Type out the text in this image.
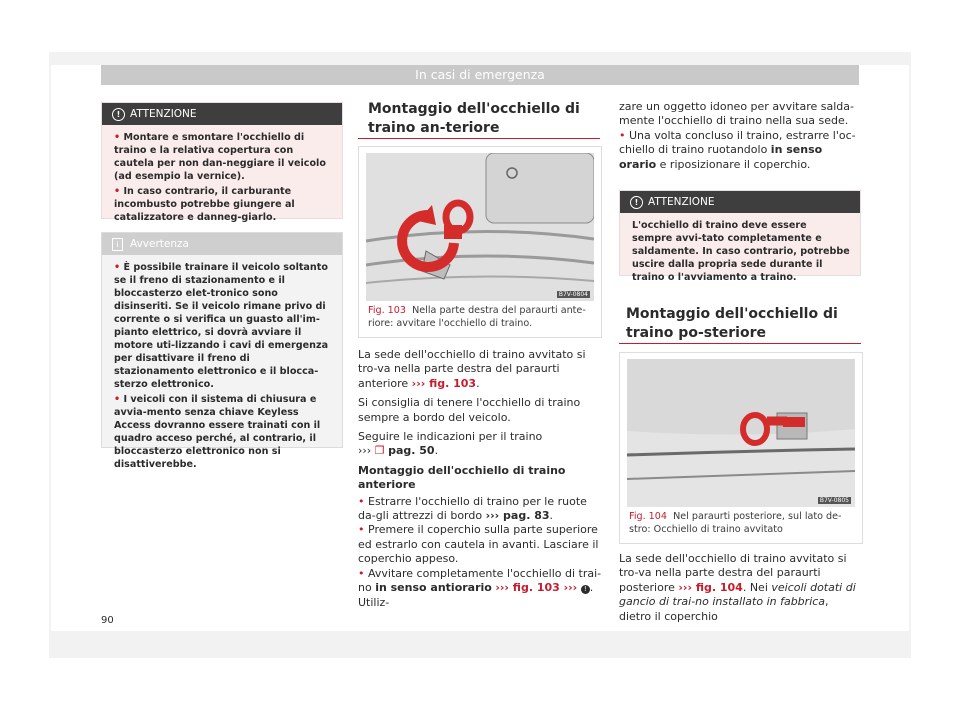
In casi di emergenza
! ATTENZIONE

• Montare e smontare l'occhiello di traino e la relativa copertura con cautela per non dan-neggiare il veicolo (ad esempio la vernice).

• In caso contrario, il carburante incombusto potrebbe giungere al catalizzatore e danneg-giarlo.

i	Avvertenza

• È possibile trainare il veicolo soltanto se il freno di stazionamento e il bloccasterzo elet-tronico sono disinseriti. Se il veicolo rimane privo di corrente o si verifica un guasto all'im-pianto elettrico, si dovrà avviare il motore uti-lizzando i cavi di emergenza per disattivare il freno di stazionamento elettronico e il blocca-sterzo elettronico.

• I veicoli con il sistema di chiusura e avvia-mento senza chiave Keyless Access dovranno essere trainati con il quadro acceso perché, al contrario, il bloccasterzo elettronico non si disattiverebbe.

Montaggio dell'occhiello di traino an-teriore
B7V-0804
Fig. 103 Nella parte destra del paraurti ante-riore: avvitare l'occhiello di traino.
La sede dell'occhiello di traino avvitato si tro-va nella parte destra del paraurti anteriore ››› fig. 103.
Si consiglia di tenere l'occhiello di traino sempre a bordo del veicolo.
Seguire le indicazioni per il traino
››› ❐ pag. 50.
Montaggio dell'occhiello di traino anteriore
• Estrarre l'occhiello di traino per le ruote da-gli attrezzi di bordo ››› pag. 83.
• Premere il coperchio sulla parte superiore ed estrarlo con cautela in avanti. Lasciare il coperchio appeso.
• Avvitare completamente l'occhiello di trai-no in senso antiorario ››› fig. 103 ››› ! . Utiliz-
zare un oggetto idoneo per avvitare salda-mente l'occhiello di traino nella sua sede.
• Una volta concluso il traino, estrarre l'oc-chiello di traino ruotandolo in senso orario e riposizionare il coperchio.
! ATTENZIONE
L'occhiello di traino deve essere sempre avvi-tato completamente e saldamente. In caso contrario, potrebbe uscire dalla propria sede durante il traino o l'avviamento a traino.
Montaggio dell'occhiello di traino po-steriore
B7V-0805
Fig. 104 Nel paraurti posteriore, sul lato de-stro: Occhiello di traino avvitato
La sede dell'occhiello di traino avvitato si tro-va nella parte destra del paraurti posteriore ››› fig. 104. Nei veicoli dotati di gancio di trai-no installato in fabbrica, dietro il coperchio
90
